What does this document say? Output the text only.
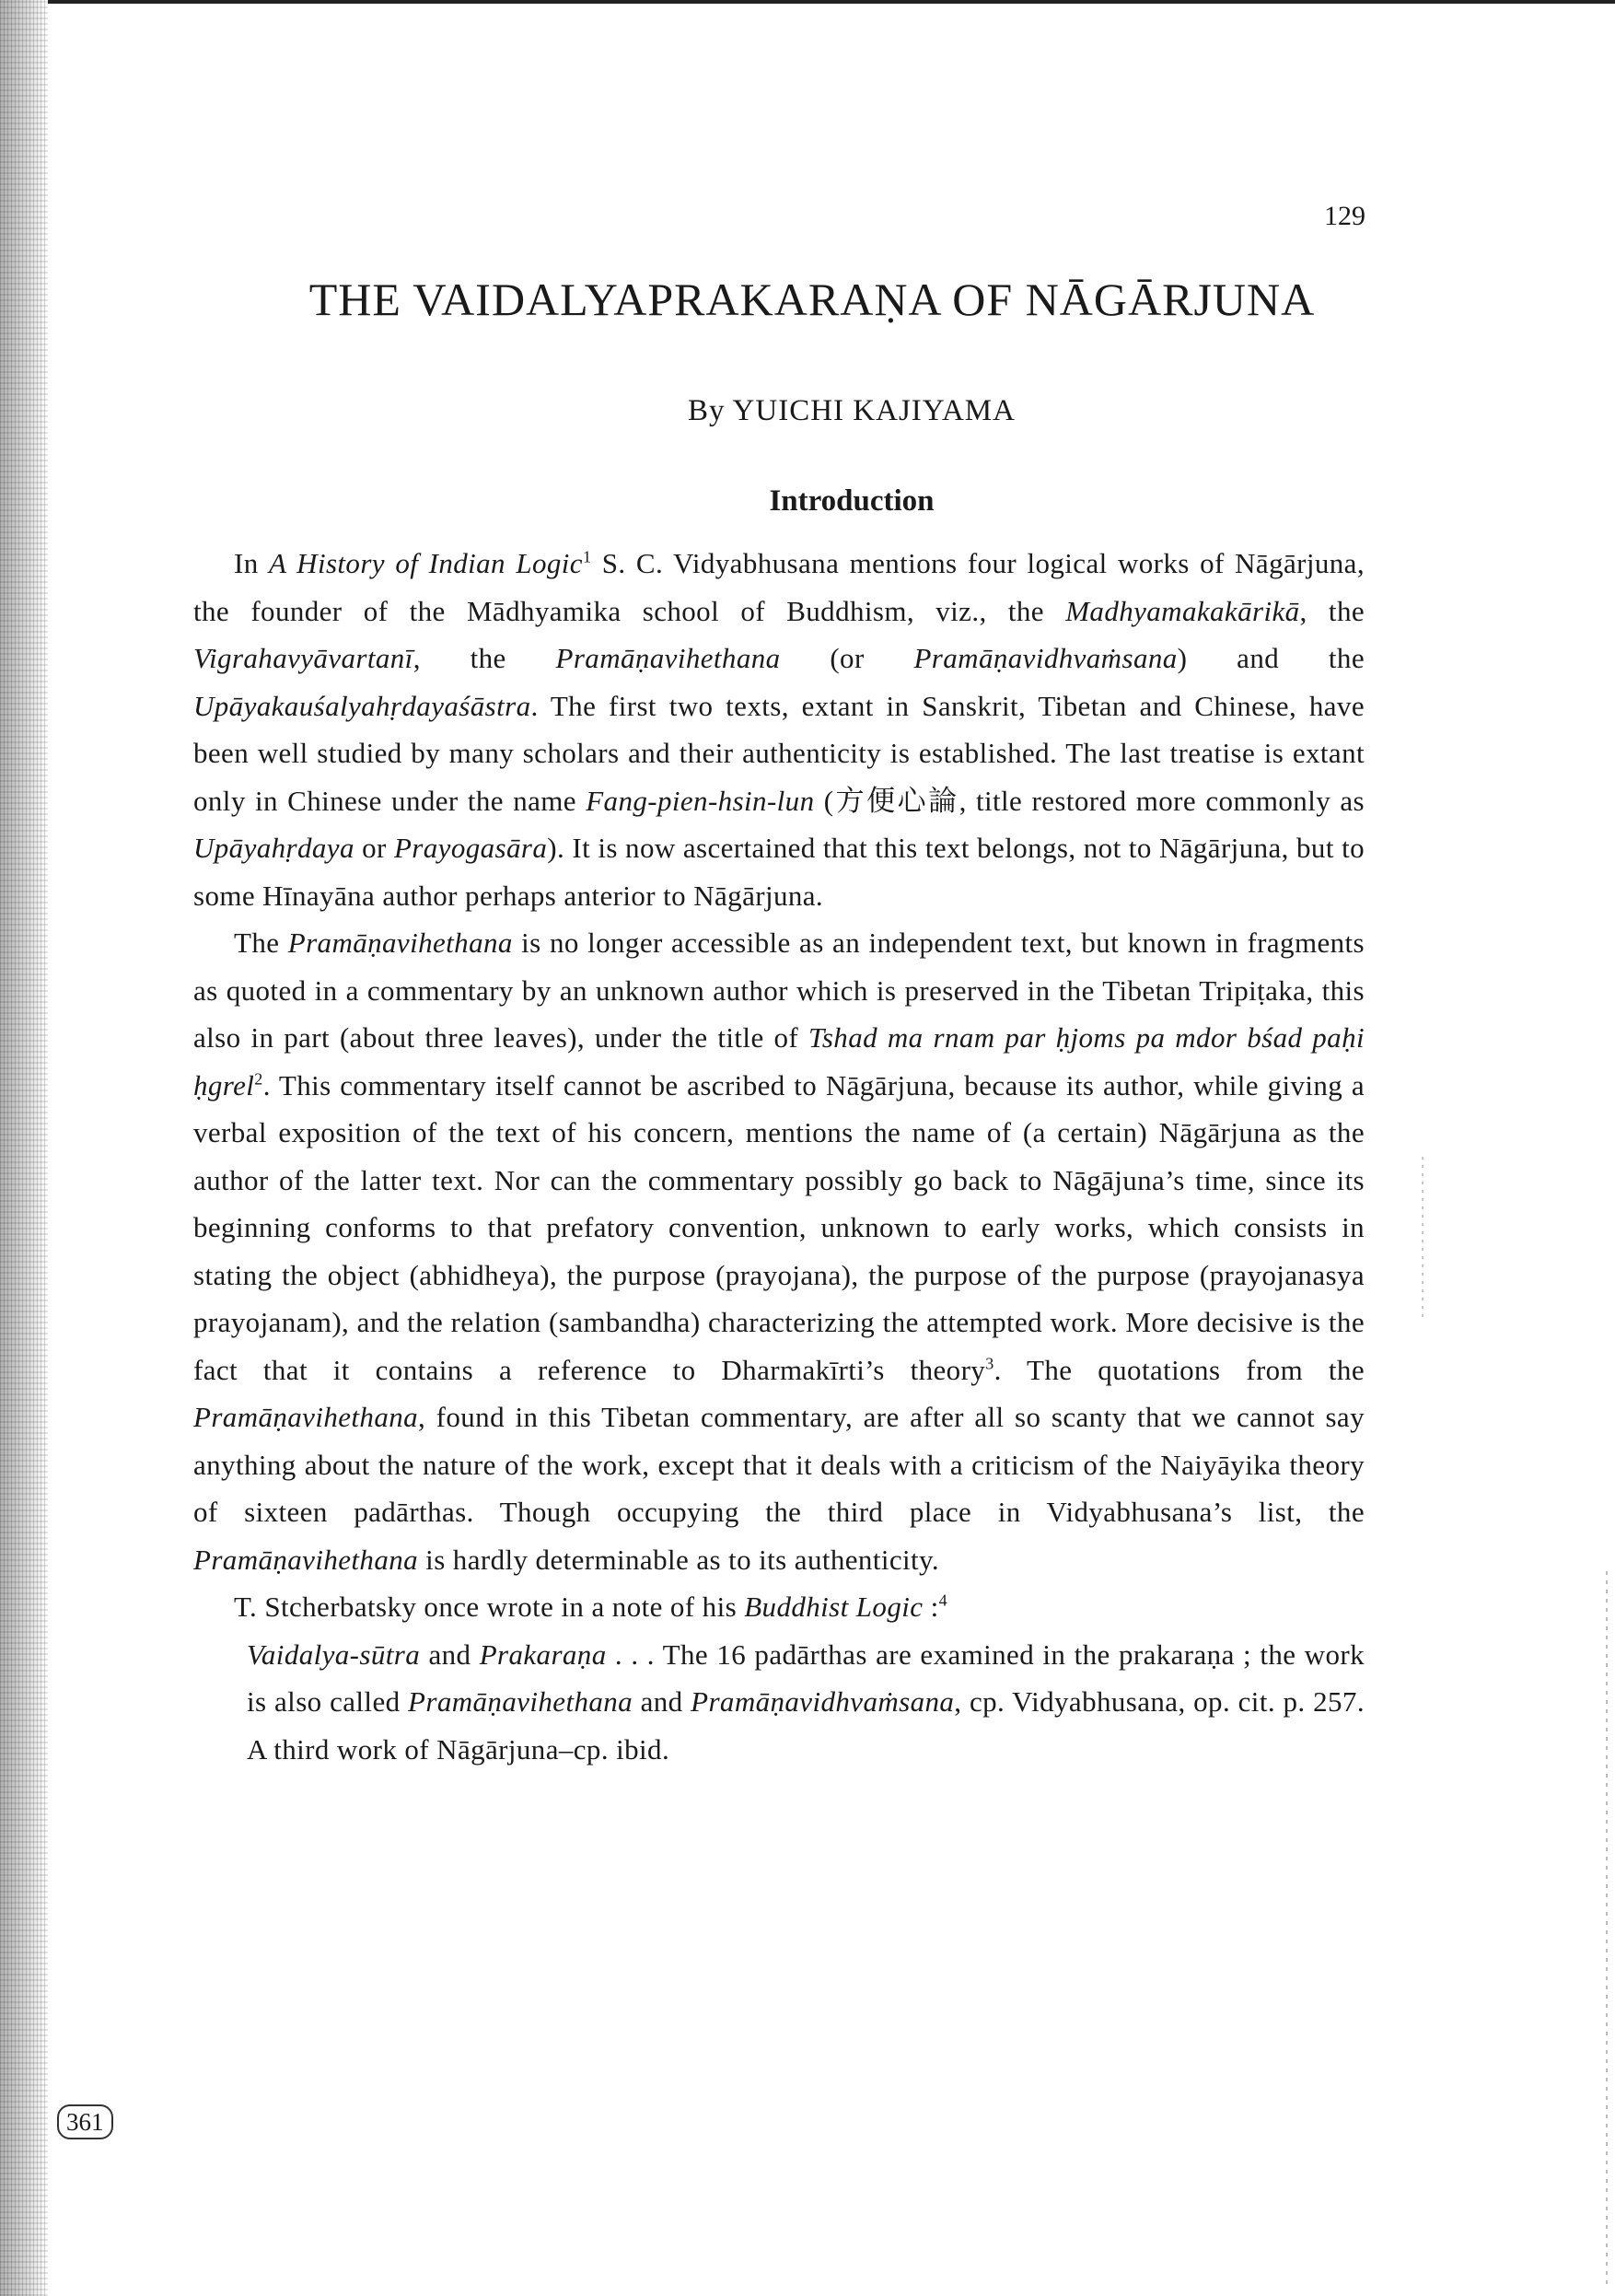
129
THE VAIDALYAPRAKARAṆA OF NĀGĀRJUNA
By YUICHI KAJIYAMA
Introduction

In A History of Indian Logic$^1$ S. C. Vidyabhusana mentions four logical works of Nāgārjuna, the founder of the Mādhyamika school of Buddhism, viz., the Madhyamakakārikā, the Vigrahavyāvartanī, the Pramāṇavihethana (or Pramāṇavidhvaṁsana) and the Upāyakauśalyahṛdayaśāstra. The first two texts, extant in Sanskrit, Tibetan and Chinese, have been well studied by many scholars and their authenticity is established. The last treatise is extant only in Chinese under the name Fang-pien-hsin-lun (方便心論, title restored more commonly as Upāyahṛdaya or Prayogasāra). It is now ascertained that this text belongs, not to Nāgārjuna, but to some Hīnayāna author perhaps anterior to Nāgārjuna.

The Pramāṇavihethana is no longer accessible as an independent text, but known in fragments as quoted in a commentary by an unknown author which is preserved in the Tibetan Tripiṭaka, this also in part (about three leaves), under the title of Tshad ma rnam par ḥjoms pa mdor bśad paḥi ḥgrel$^2$. This commentary itself cannot be ascribed to Nāgārjuna, because its author, while giving a verbal exposition of the text of his concern, mentions the name of (a certain) Nāgārjuna as the author of the latter text. Nor can the commentary possibly go back to Nāgājuna’s time, since its beginning conforms to that prefatory convention, unknown to early works, which consists in stating the object (abhidheya), the purpose (prayojana), the purpose of the purpose (prayojanasya prayojanam), and the relation (sambandha) characterizing the attempted work. More decisive is the fact that it contains a reference to Dharmakīrti’s theory$^3$. The quotations from the Pramāṇavihethana, found in this Tibetan commentary, are after all so scanty that we cannot say anything about the nature of the work, except that it deals with a criticism of the Naiyāyika theory of sixteen padārthas. Though occupying the third place in Vidyabhusana’s list, the Pramāṇavihethana is hardly determinable as to its authenticity.

T. Stcherbatsky once wrote in a note of his Buddhist Logic :$^4$

Vaidalya-sūtra and Prakaraṇa . . . The 16 padārthas are examined in the prakaraṇa ; the work is also called Pramāṇavihethana and Pramāṇavidhvaṁsana, cp. Vidyabhusana, op. cit. p. 257. A third work of Nāgārjuna–cp. ibid.

361
